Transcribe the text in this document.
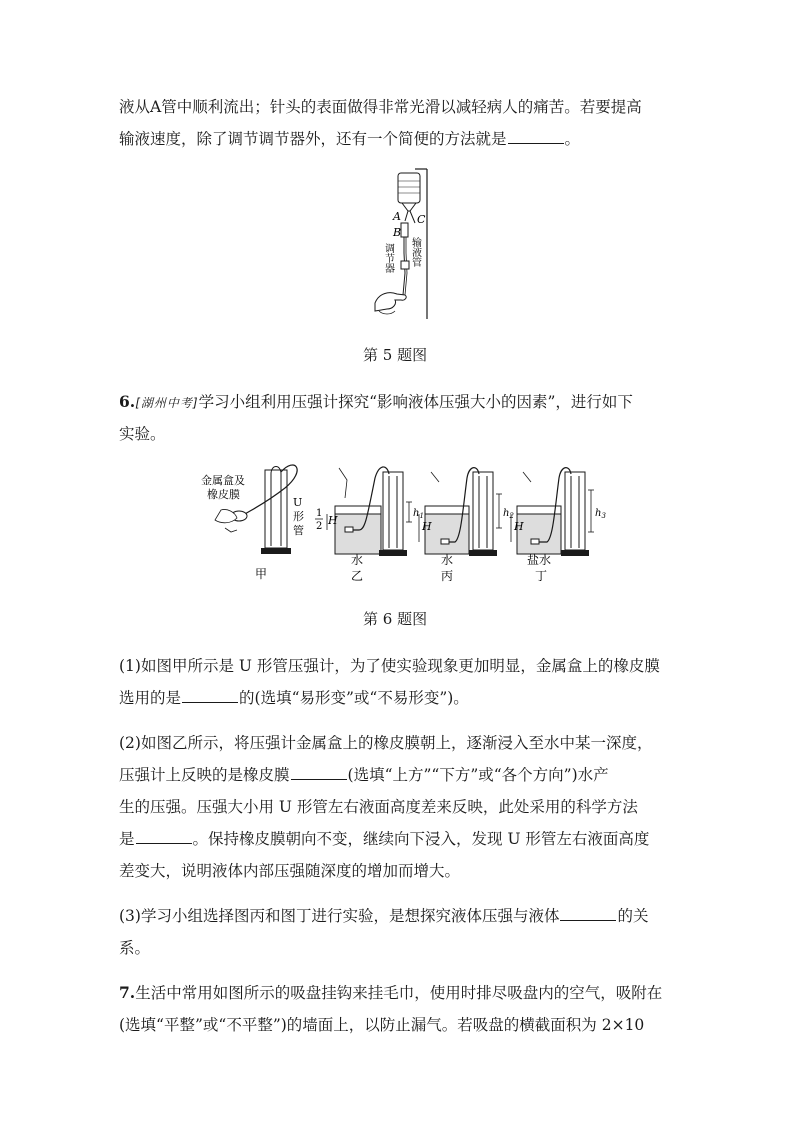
液从A管中顺利流出；针头的表面做得非常光滑以减轻病人的痛苦。若要提高
输液速度，除了调节调节器外，还有一个简便的方法就是	。
A C
B
输液管
调节器
第 5 题图
6.[湖州中考]学习小组利用压强计探究“影响液体压强大小的因素”，进行如下
实验。
金属盒及
橡皮膜
U
形
管
甲
1
2 H
$h_1$
水
乙
H
$h_2$
水
丙
H
$h_3$
盐水
丁
第 6 题图
(1)如图甲所示是 U 形管压强计，为了使实验现象更加明显，金属盒上的橡皮膜
选用的是	的(选填“易形变”或“不易形变”)。
(2)如图乙所示，将压强计金属盒上的橡皮膜朝上，逐渐浸入至水中某一深度，
压强计上反映的是橡皮膜	(选填“上方”“下方”或“各个方向”)水产
生的压强。压强大小用 U 形管左右液面高度差来反映，此处采用的科学方法
是	。保持橡皮膜朝向不变，继续向下浸入，发现 U 形管左右液面高度
差变大，说明液体内部压强随深度的增加而增大。
(3)学习小组选择图丙和图丁进行实验，是想探究液体压强与液体	的关
系。
7.生活中常用如图所示的吸盘挂钩来挂毛巾，使用时排尽吸盘内的空气，吸附在
(选填“平整”或“不平整”)的墙面上，以防止漏气。若吸盘的横截面积为 2×10
